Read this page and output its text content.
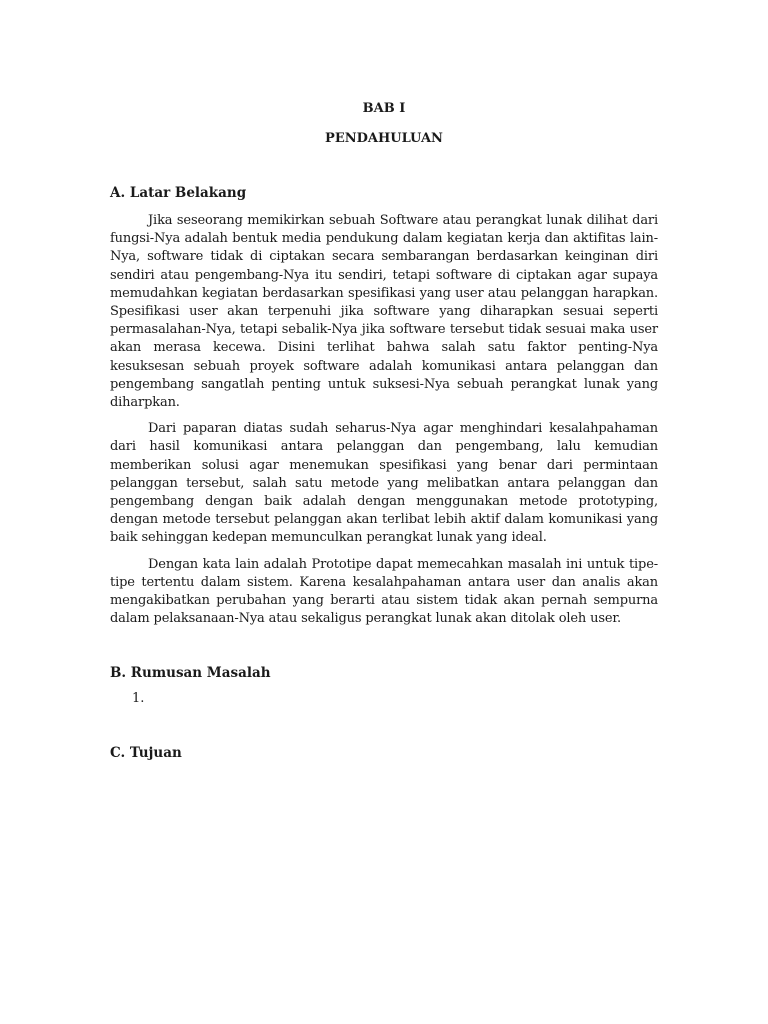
BAB I

PENDAHULUAN

A. Latar Belakang

Jika seseorang memikirkan sebuah Software atau perangkat lunak dilihat dari fungsi-Nya adalah bentuk media pendukung dalam kegiatan kerja dan aktifitas lain-Nya, software tidak di ciptakan secara sembarangan berdasarkan keinginan diri sendiri atau pengembang-Nya itu sendiri, tetapi software di ciptakan agar supaya memudahkan kegiatan berdasarkan spesifikasi yang user atau pelanggan harapkan. Spesifikasi user akan terpenuhi jika software yang diharapkan sesuai seperti permasalahan-Nya, tetapi sebalik-Nya jika software tersebut tidak sesuai maka user akan merasa kecewa. Disini terlihat bahwa salah satu faktor penting-Nya kesuksesan sebuah proyek software adalah komunikasi antara pelanggan dan pengembang sangatlah penting untuk suksesi-Nya sebuah perangkat lunak yang diharpkan.

Dari paparan diatas sudah seharus-Nya agar menghindari kesalahpahaman dari hasil komunikasi antara pelanggan dan pengembang, lalu kemudian memberikan solusi agar menemukan spesifikasi yang benar dari permintaan pelanggan tersebut, salah satu metode yang melibatkan antara pelanggan dan pengembang dengan baik adalah dengan menggunakan metode prototyping, dengan metode tersebut pelanggan akan terlibat lebih aktif dalam komunikasi yang baik sehinggan kedepan memunculkan perangkat lunak yang ideal.

Dengan kata lain adalah Prototipe dapat memecahkan masalah ini untuk tipe-tipe tertentu dalam sistem. Karena kesalahpahaman antara user dan analis akan mengakibatkan perubahan yang berarti atau sistem tidak akan pernah sempurna dalam pelaksanaan-Nya atau sekaligus perangkat lunak akan ditolak oleh user.

B. Rumusan Masalah

1.

C. Tujuan
